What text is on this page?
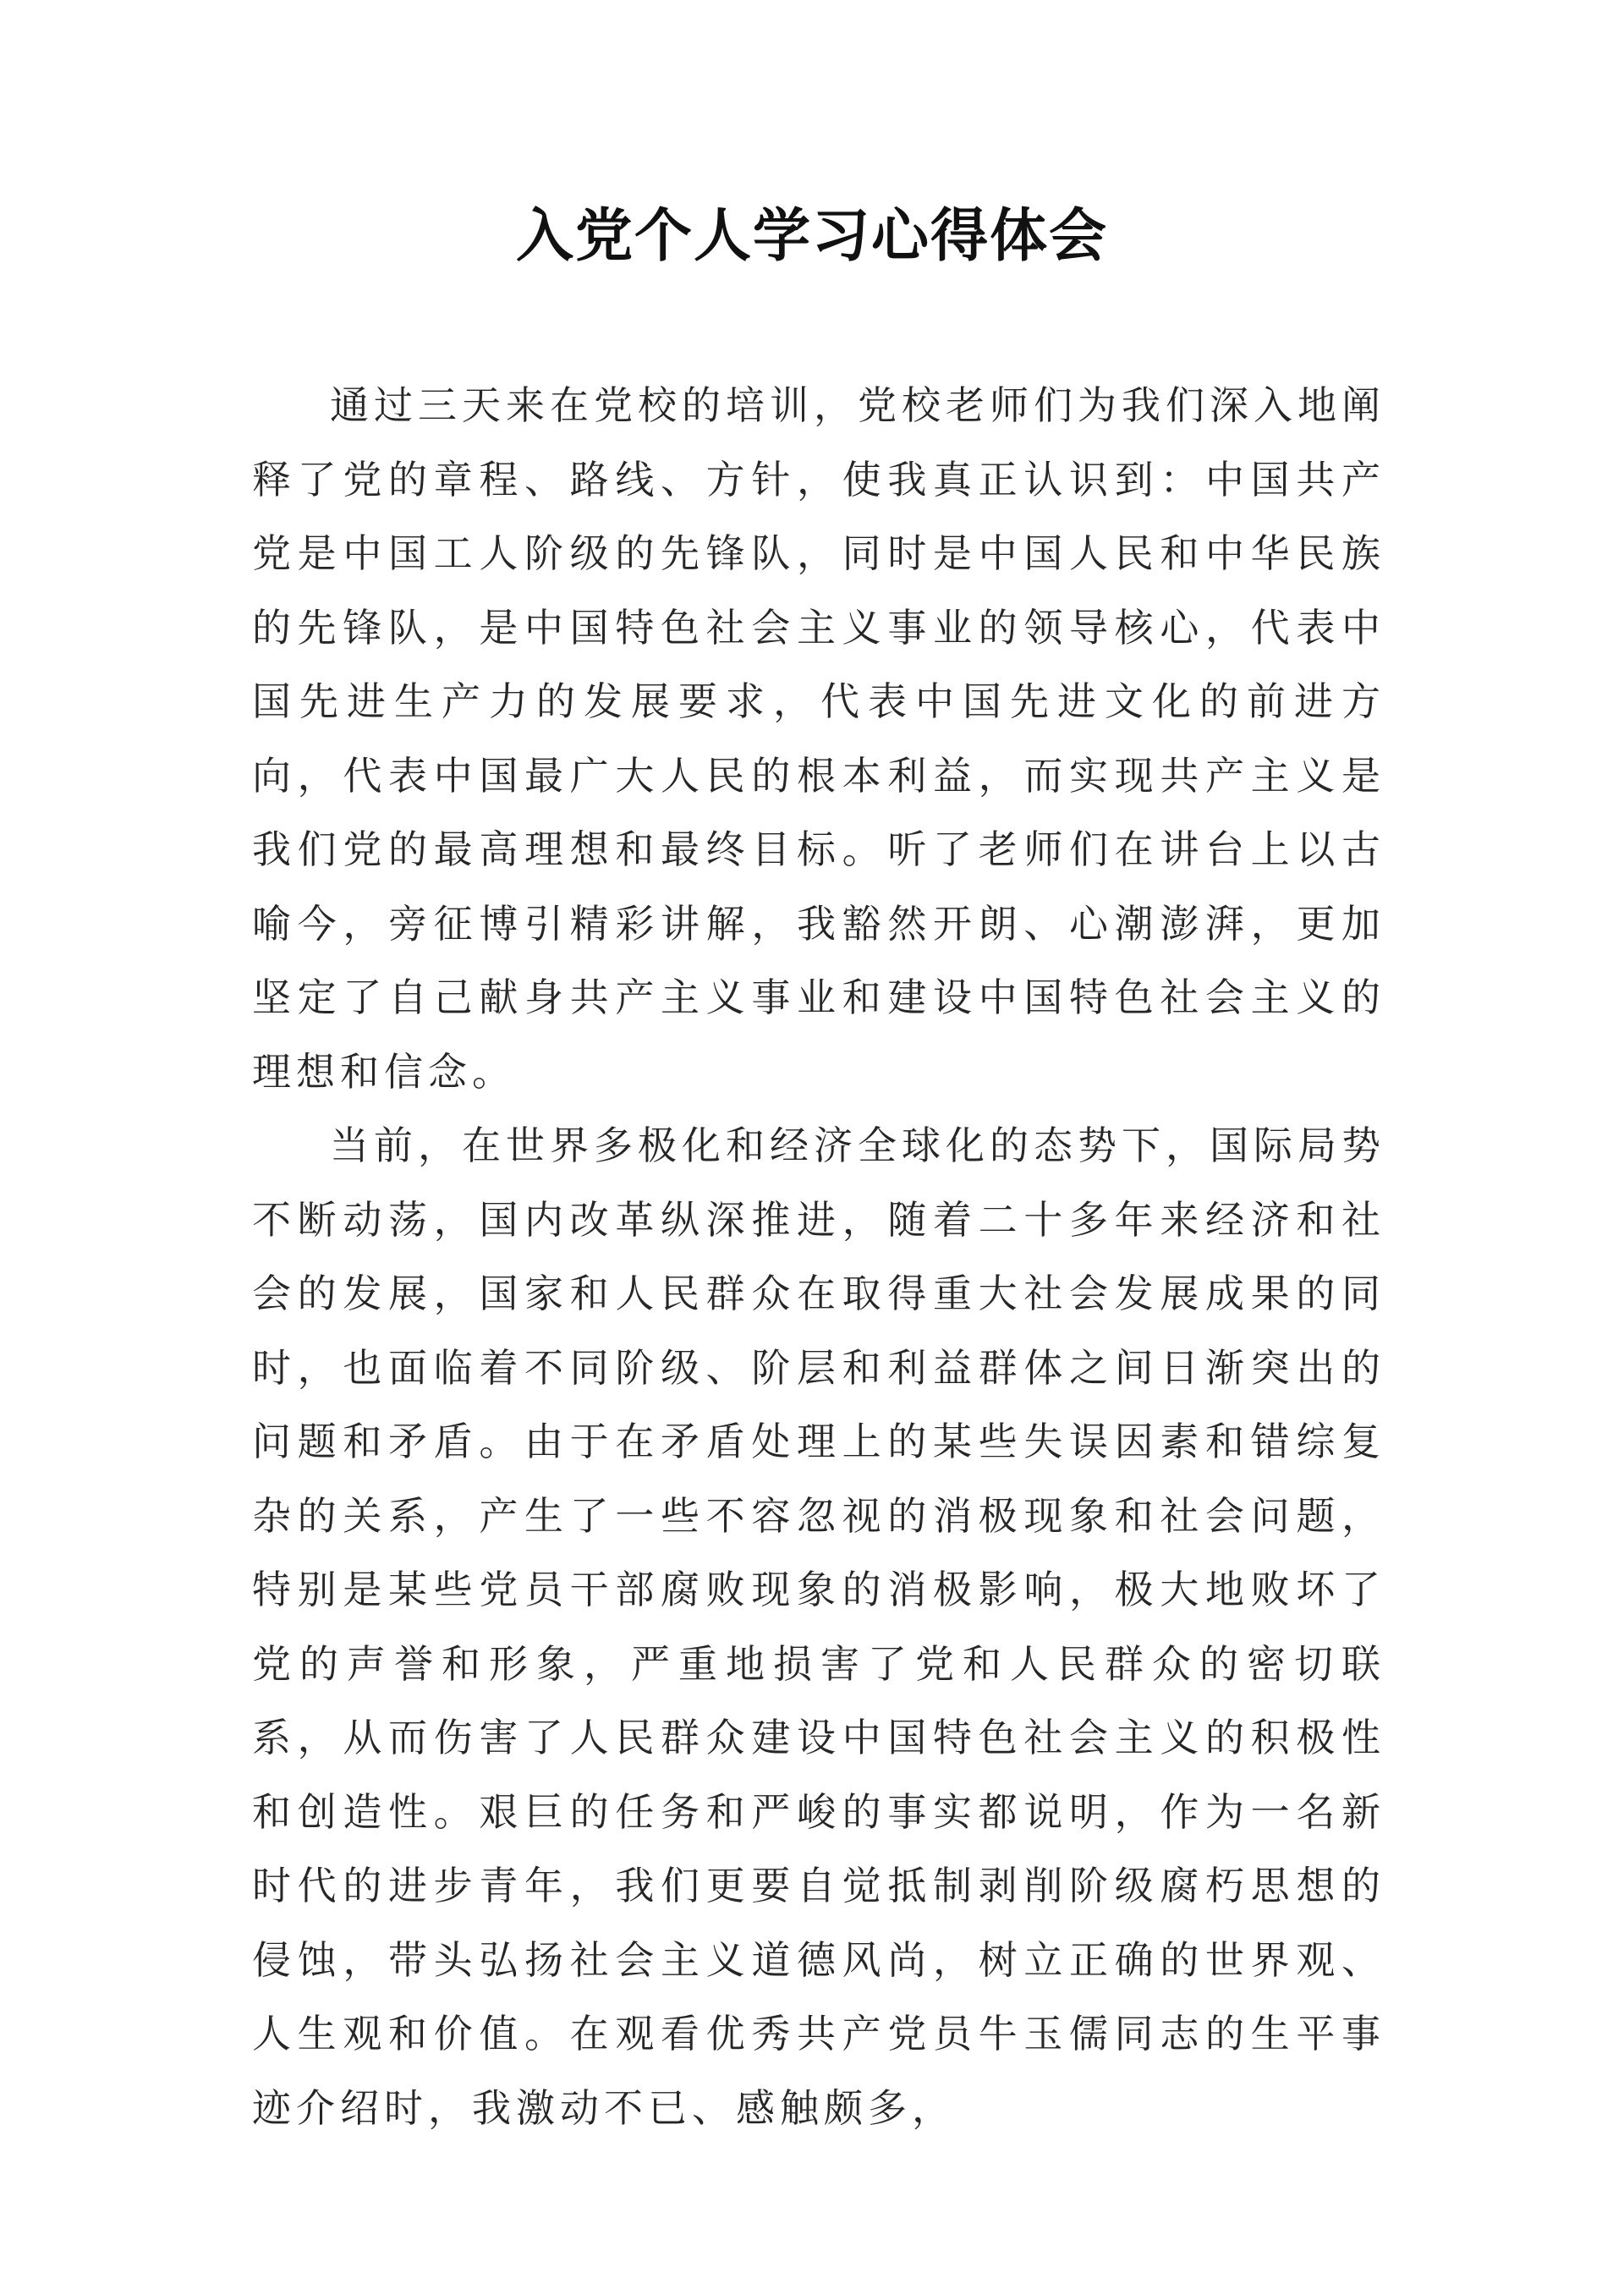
入党个人学习心得体会

通过三天来在党校的培训，党校老师们为我们深入地阐释了党的章程、路线、方针，使我真正认识到：中国共产党是中国工人阶级的先锋队，同时是中国人民和中华民族的先锋队，是中国特色社会主义事业的领导核心，代表中国先进生产力的发展要求，代表中国先进文化的前进方向，代表中国最广大人民的根本利益，而实现共产主义是我们党的最高理想和最终目标。听了老师们在讲台上以古喻今，旁征博引精彩讲解，我豁然开朗、心潮澎湃，更加坚定了自己献身共产主义事业和建设中国特色社会主义的理想和信念。

当前，在世界多极化和经济全球化的态势下，国际局势不断动荡，国内改革纵深推进，随着二十多年来经济和社会的发展，国家和人民群众在取得重大社会发展成果的同时，也面临着不同阶级、阶层和利益群体之间日渐突出的问题和矛盾。由于在矛盾处理上的某些失误因素和错综复杂的关系，产生了一些不容忽视的消极现象和社会问题，特别是某些党员干部腐败现象的消极影响，极大地败坏了党的声誉和形象，严重地损害了党和人民群众的密切联系，从而伤害了人民群众建设中国特色社会主义的积极性和创造性。艰巨的任务和严峻的事实都说明，作为一名新时代的进步青年，我们更要自觉抵制剥削阶级腐朽思想的侵蚀，带头弘扬社会主义道德风尚，树立正确的世界观、人生观和价值。在观看优秀共产党员牛玉儒同志的生平事迹介绍时，我激动不已、感触颇多，
